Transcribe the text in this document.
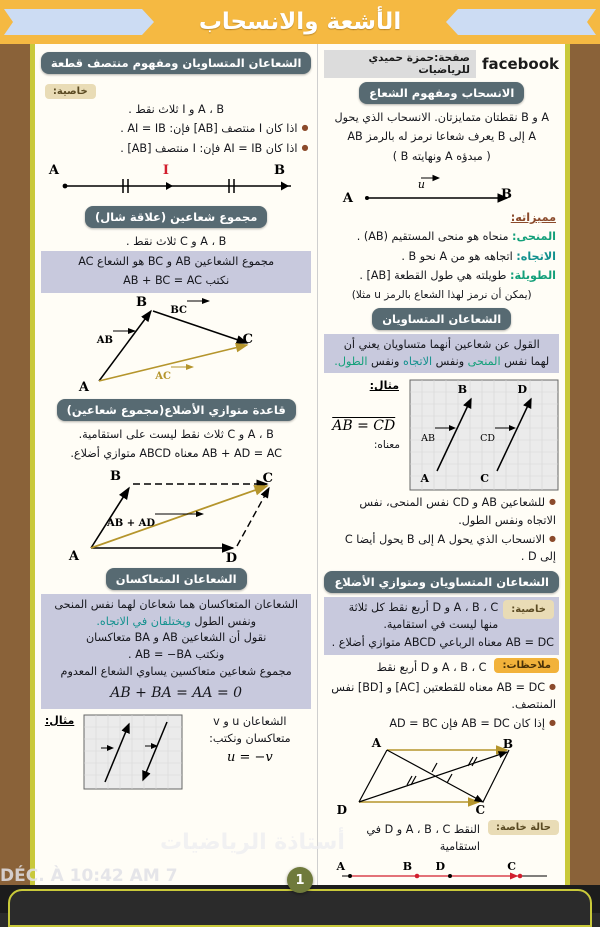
الأشعة والانسحاب
facebook
صفحة:حمزة حميدي للرياضيات
الانسحاب ومفهوم الشعاع
A و B نقطتان متمايزتان. الانسحاب الذي يحول
A إلى B يعرف شعاعا نرمز له بالرمز AB
( مبدؤه A ونهايته B )
A	B
u
مميزاته:
المنحى: منحاه هو منحى المستقيم (AB) .
الاتجاه: اتجاهه هو من A نحو B .
الطويلة: طويلته هي طول القطعة [AB] .
(يمكن أن نرمز لهذا الشعاع بالرمز u مثلا)
الشعاعان المتساويان
القول عن شعاعين أنهما متساويان يعني أن
لهما نفس المنحى ونفس الاتجاه ونفس الطول.
A
B
C
D
AB	CD
مثال:
AB = CD
معناه:
● للشعاعين AB و CD نفس المنحى، نفس الاتجاه ونفس الطول.
● الانسحاب الذي يحول A إلى B يحول أيضا C إلى D .
الشعاعان المتساويان ومتوازي الأضلاع
خاصية:
A ، B ، C و D أربع نقط كل ثلاثة منها ليست في استقامية.
AB = DC معناه الرباعي ABCD متوازي أضلاع .
ملاحظات:
A ، B ، C و D أربع نقط
● AB = DC معناه للقطعتين [AC] و [BD] نفس المنتصف.
● إذا كان AB = DC فإن AD = BC
A	B
D	C
حالة خاصة:
النقط A ، B ، C و D في استقامية
A	B D	C
الشعاعان المتساويان ومفهوم منتصف قطعة
خاصية:
A ، B و I ثلاث نقط .
● اذا كان I منتصف [AB] فإن: AI = IB .
● اذا كان AI = IB فإن: I منتصف [AB] .
A	I	B
مجموع شعاعين (علاقة شال)
A ، B و C ثلاث نقط .
مجموع الشعاعين AB و BC هو الشعاع AC
نكتب AB + BC = AC
B
A
C
AB
BC
AC
قاعدة متوازي الأضلاع(مجموع شعاعين)
A ، B و C ثلاث نقط ليست على استقامية.
AB + AD = AC معناه ABCD متوازي أضلاع.
B	C
A	D
AB + AD
الشعاعان المتعاكسان
الشعاعان المتعاكسان هما شعاعان لهما نفس المنحى ونفس الطول ويختلفان في الاتجاه.
نقول أن الشعاعين AB و BA متعاكسان
ونكتب AB = −BA .
مجموع شعاعين متعاكسين يساوي الشعاع المعدوم
AB + BA = AA = 0
الشعاعان u و v متعاكسان ونكتب:
u = −v
مثال:
أستاذة الرياضيات
7 DÉC. À 10:42 AM	1
